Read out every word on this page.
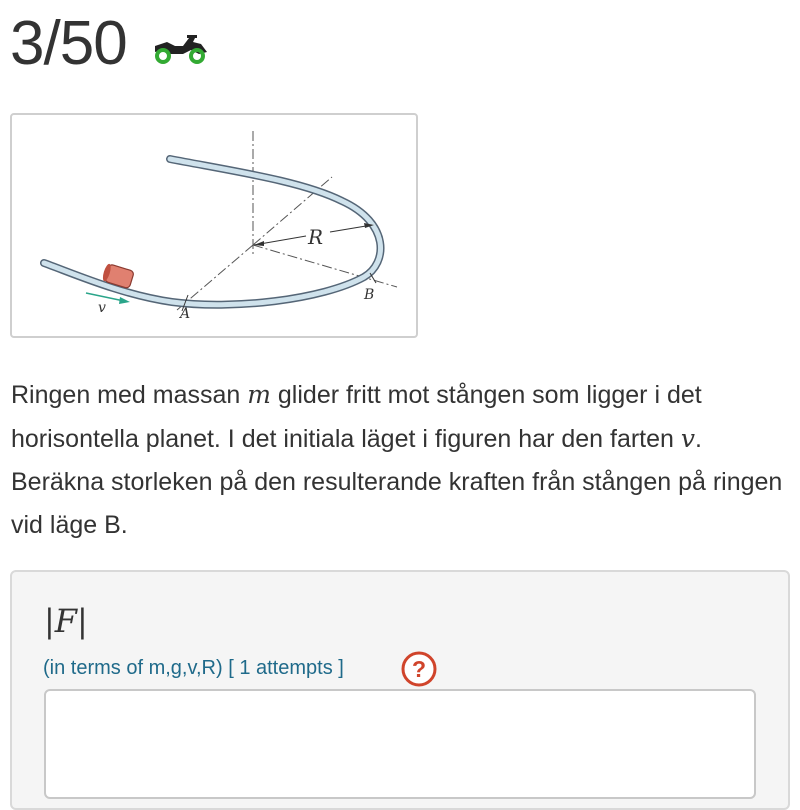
3/50
R
B
A
v
Ringen med massan m glider fritt mot stången som ligger i det horisontella planet. I det initiala läget i figuren har den farten v. Beräkna storleken på den resulterande kraften från stången på ringen vid läge B.
|F|
(in terms of m,g,v,R) [ 1 attempts ]	?
